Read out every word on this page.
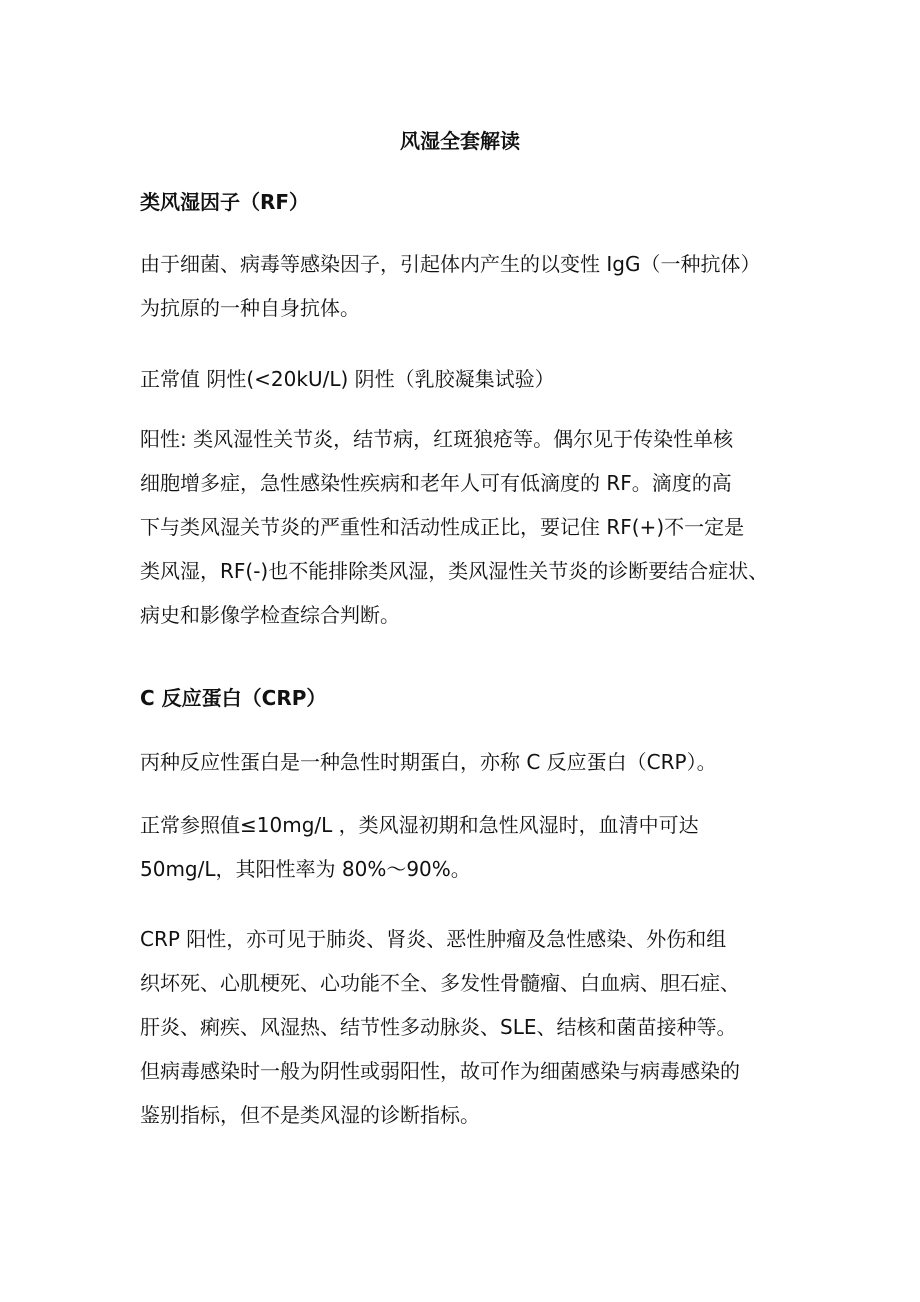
风湿全套解读
类风湿因子（RF）
由于细菌、病毒等感染因子，引起体内产生的以变性 IgG（一种抗体）
为抗原的一种自身抗体。
正常值 阴性(<20kU/L) 阴性（乳胶凝集试验）
阳性: 类风湿性关节炎，结节病，红斑狼疮等。偶尔见于传染性单核
细胞增多症，急性感染性疾病和老年人可有低滴度的 RF。滴度的高
下与类风湿关节炎的严重性和活动性成正比，要记住 RF(+)不一定是
类风湿，RF(-)也不能排除类风湿，类风湿性关节炎的诊断要结合症状、
病史和影像学检查综合判断。
C 反应蛋白（CRP）
丙种反应性蛋白是一种急性时期蛋白，亦称 C 反应蛋白（CRP）。
正常参照值≤10mg/L ，类风湿初期和急性风湿时，血清中可达
50mg/L，其阳性率为 80%～90%。
CRP 阳性，亦可见于肺炎、肾炎、恶性肿瘤及急性感染、外伤和组
织坏死、心肌梗死、心功能不全、多发性骨髓瘤、白血病、胆石症、
肝炎、痢疾、风湿热、结节性多动脉炎、SLE、结核和菌苗接种等。
但病毒感染时一般为阴性或弱阳性，故可作为细菌感染与病毒感染的
鉴别指标，但不是类风湿的诊断指标。
